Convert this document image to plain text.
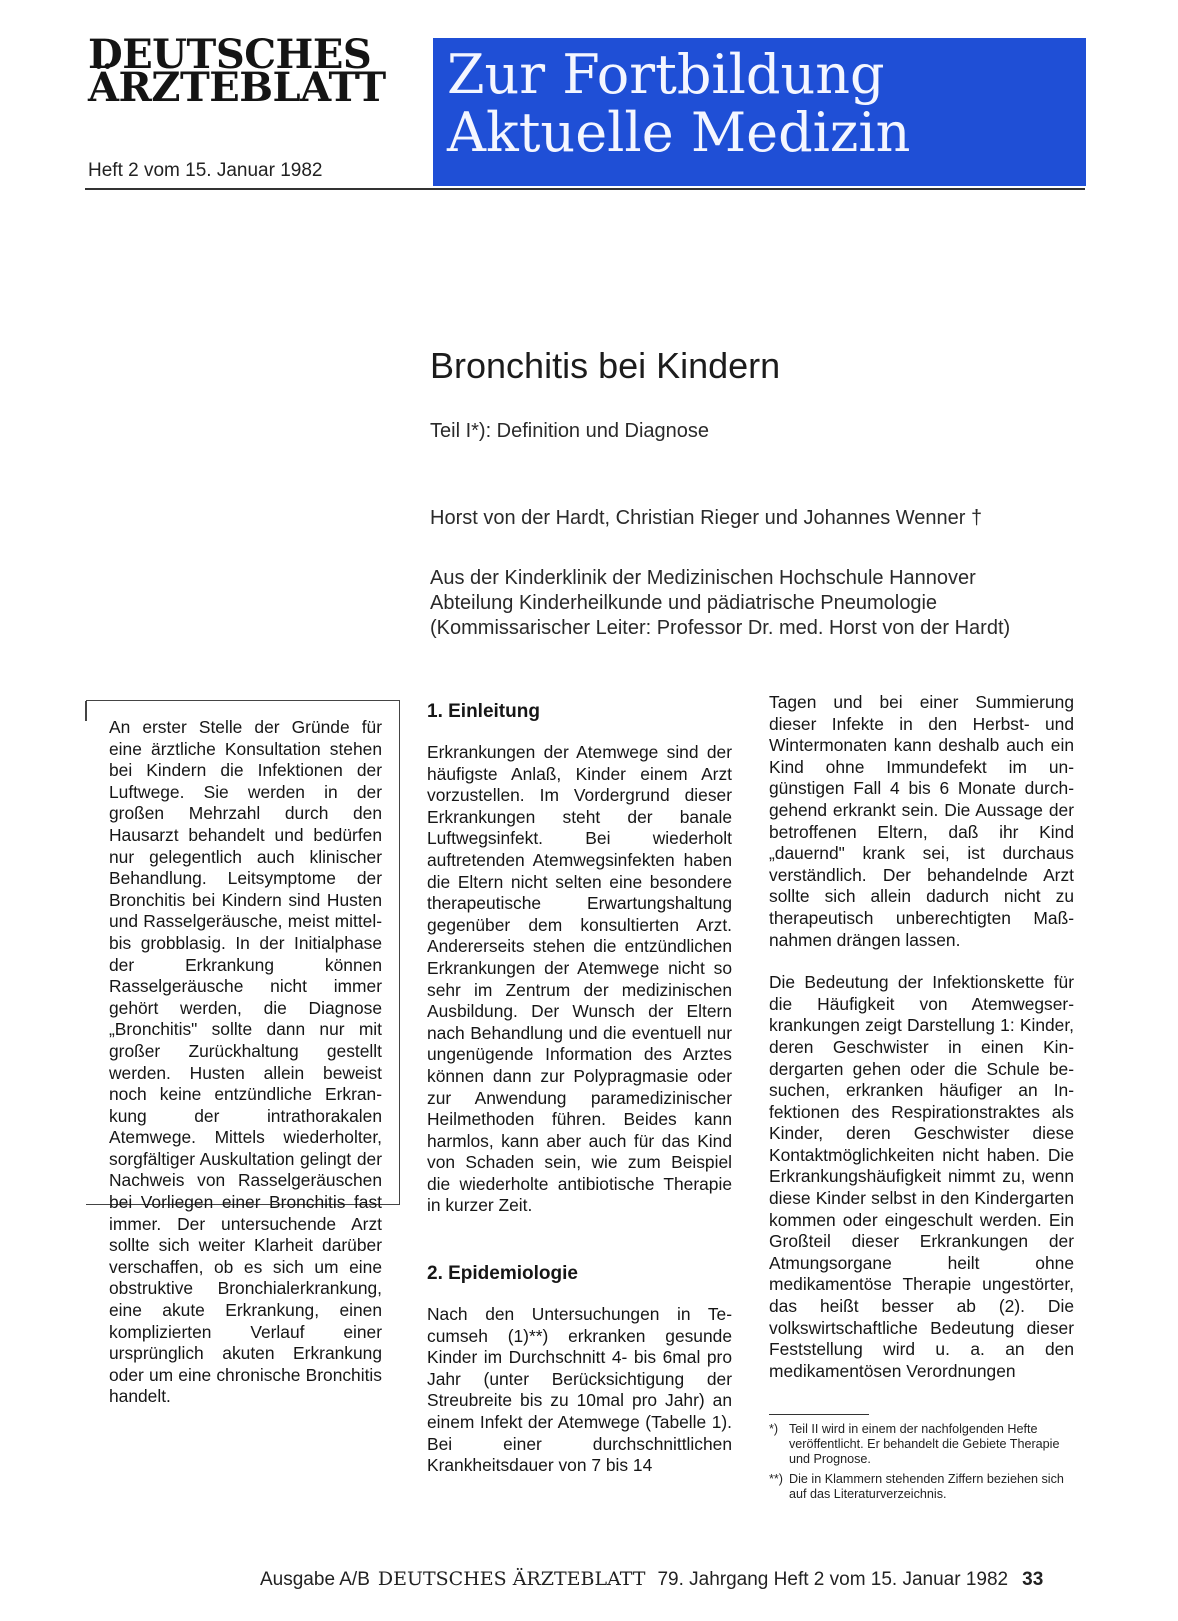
DEUTSCHES
ÄRZTEBLATT
Heft 2 vom 15. Januar 1982
Zur Fortbildung
Aktuelle Medizin
Bronchitis bei Kindern
Teil I*): Definition und Diagnose
Horst von der Hardt, Christian Rieger und Johannes Wenner †
Aus der Kinderklinik der Medizinischen Hochschule Hannover
Abteilung Kinderheilkunde und pädiatrische Pneumologie
(Kommissarischer Leiter: Professor Dr. med. Horst von der Hardt)
An erster Stelle der Gründe für eine ärztliche Konsultation stehen bei Kindern die Infektionen der Luftwege. Sie werden in der großen Mehrzahl durch den Hausarzt behandelt und bedürfen nur gelegentlich auch klinischer Behandlung. Leitsymptome der Bronchitis bei Kindern sind Husten und Rasselgeräusche, meist mittel- bis grobblasig. In der Initialphase der Erkrankung können Rasselgeräusche nicht immer gehört werden, die Diagnose „Bronchitis" sollte dann nur mit großer Zurückhaltung gestellt werden. Husten allein beweist noch keine entzündliche Erkrankung der intrathorakalen Atemwege. Mittels wiederholter, sorgfältiger Auskultation gelingt der Nachweis von Rasselgeräuschen bei Vorliegen einer Bronchitis fast immer. Der untersuchende Arzt sollte sich weiter Klarheit darüber verschaffen, ob es sich um eine obstruktive Bronchialerkrankung, eine akute Erkrankung, einen komplizierten Verlauf einer ursprünglich akuten Erkrankung oder um eine chronische Bronchitis handelt.
1. Einleitung

Erkrankungen der Atemwege sind der häufigste Anlaß, Kinder einem Arzt vorzustellen. Im Vordergrund dieser Erkrankungen steht der banale Luftwegsinfekt. Bei wiederholt auftretenden Atemwegsinfekten haben die Eltern nicht selten eine besondere therapeutische Erwartungshaltung gegenüber dem konsultierten Arzt. Andererseits stehen die entzündlichen Erkrankungen der Atemwege nicht so sehr im Zentrum der medizinischen Ausbildung. Der Wunsch der Eltern nach Behandlung und die eventuell nur ungenügende Information des Arztes können dann zur Polypragmasie oder zur Anwendung paramedizinischer Heilmethoden führen. Beides kann harmlos, kann aber auch für das Kind von Schaden sein, wie zum Beispiel die wiederholte antibiotische Therapie in kurzer Zeit.

2. Epidemiologie

Nach den Untersuchungen in Tecumseh (1)**) erkranken gesunde Kinder im Durchschnitt 4- bis 6mal pro Jahr (unter Berücksichtigung der Streubreite bis zu 10mal pro Jahr) an einem Infekt der Atemwege (Tabelle 1). Bei einer durchschnittlichen Krankheitsdauer von 7 bis 14

Tagen und bei einer Summierung dieser Infekte in den Herbst- und Wintermonaten kann deshalb auch ein Kind ohne Immundefekt im ungünstigen Fall 4 bis 6 Monate durchgehend erkrankt sein. Die Aussage der betroffenen Eltern, daß ihr Kind „dauernd" krank sei, ist durchaus verständlich. Der behandelnde Arzt sollte sich allein dadurch nicht zu therapeutisch unberechtigten Maßnahmen drängen lassen.

Die Bedeutung der Infektionskette für die Häufigkeit von Atemwegserkrankungen zeigt Darstellung 1: Kinder, deren Geschwister in einen Kindergarten gehen oder die Schule besuchen, erkranken häufiger an Infektionen des Respirationstraktes als Kinder, deren Geschwister diese Kontaktmöglichkeiten nicht haben. Die Erkrankungshäufigkeit nimmt zu, wenn diese Kinder selbst in den Kindergarten kommen oder eingeschult werden. Ein Großteil dieser Erkrankungen der Atmungsorgane heilt ohne medikamentöse Therapie ungestörter, das heißt besser ab (2). Die volkswirtschaftliche Bedeutung dieser Feststellung wird u. a. an den medikamentösen Verordnungen

*) Teil II wird in einem der nachfolgenden Hefte veröffentlicht. Er behandelt die Gebiete Therapie und Prognose.
**) Die in Klammern stehenden Ziffern beziehen sich auf das Literaturverzeichnis.
Ausgabe A/B DEUTSCHES ÄRZTEBLATT 79. Jahrgang Heft 2 vom 15. Januar 1982 33
